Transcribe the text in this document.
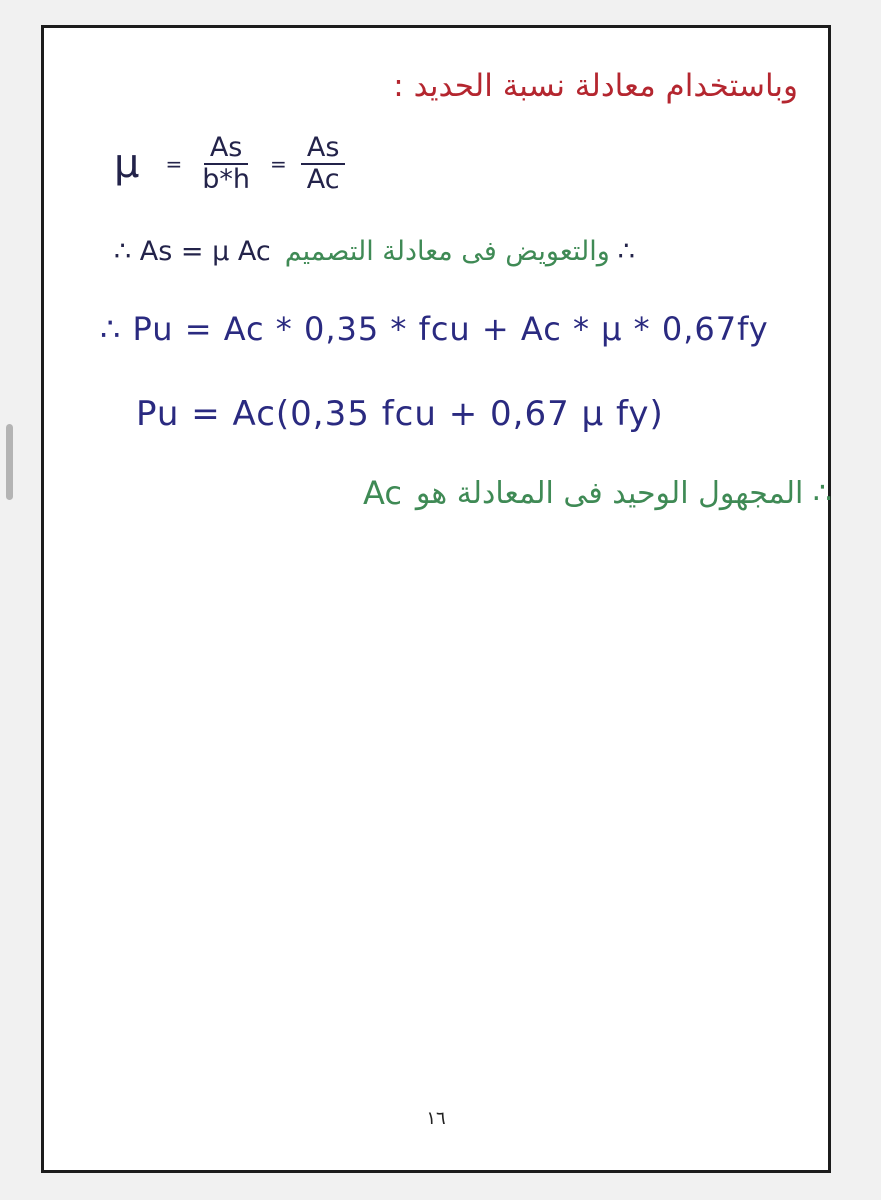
وباستخدام معادلة نسبة الحديد :
$\mu = \frac{As}{b*h} = \frac{As}{Ac}$
∴ As = μ Ac والتعويض فى معادلة التصميم ∴
∴ Pu = Ac * 0,35 * fcu + Ac * μ * 0,67fy
Pu = Ac(0,35 fcu + 0,67 μ fy)
∴ المجهول الوحيد فى المعادلة هو
Ac
١٦
